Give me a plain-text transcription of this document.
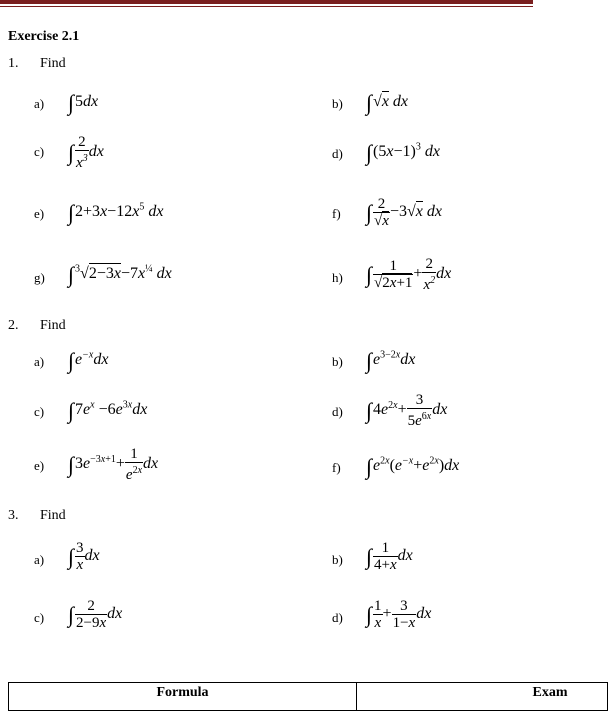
Exercise 2.1
1. Find
a)	∫5dx	b)	∫√x dx
c)	∫ $\frac{2}{x^3}$ dx	d)	$\int(5x-1)^3$ dx
e)	$\int 2+3x-12x^5$ dx	f)	∫ $\frac{2}{√x} -3√x$ dx
g)	$\int^3√2-3x-7x^{\frac{1}{4}}$ dx	h)	∫ $\frac{1}{√2x+1} + \frac{2}{x^2}$ dx
2. Find
a)	$\int e^{-x}dx$	b)	$\int e^{3-2x}dx$
c)	$\int 7e^x -6e^{3x}dx$	d)	$\int 4e^{2x}+ \frac{3}{5e^{6x}}$ dx
e)	$\int 3e^{-3x+1}+ \frac{1}{e^{2x}}$ dx	f)	$\int e^{2x}(e^{-x}+e^{2x})dx$
3. Find
a)	∫ $\frac{3}{x}$ dx	b)	∫ $\frac{1}{4+x}$ dx
c)	∫ $\frac{2}{2-9x}$ dx	d)	∫ $\frac{1}{x} + \frac{3}{1-x}$ dx
Formula	Exam
